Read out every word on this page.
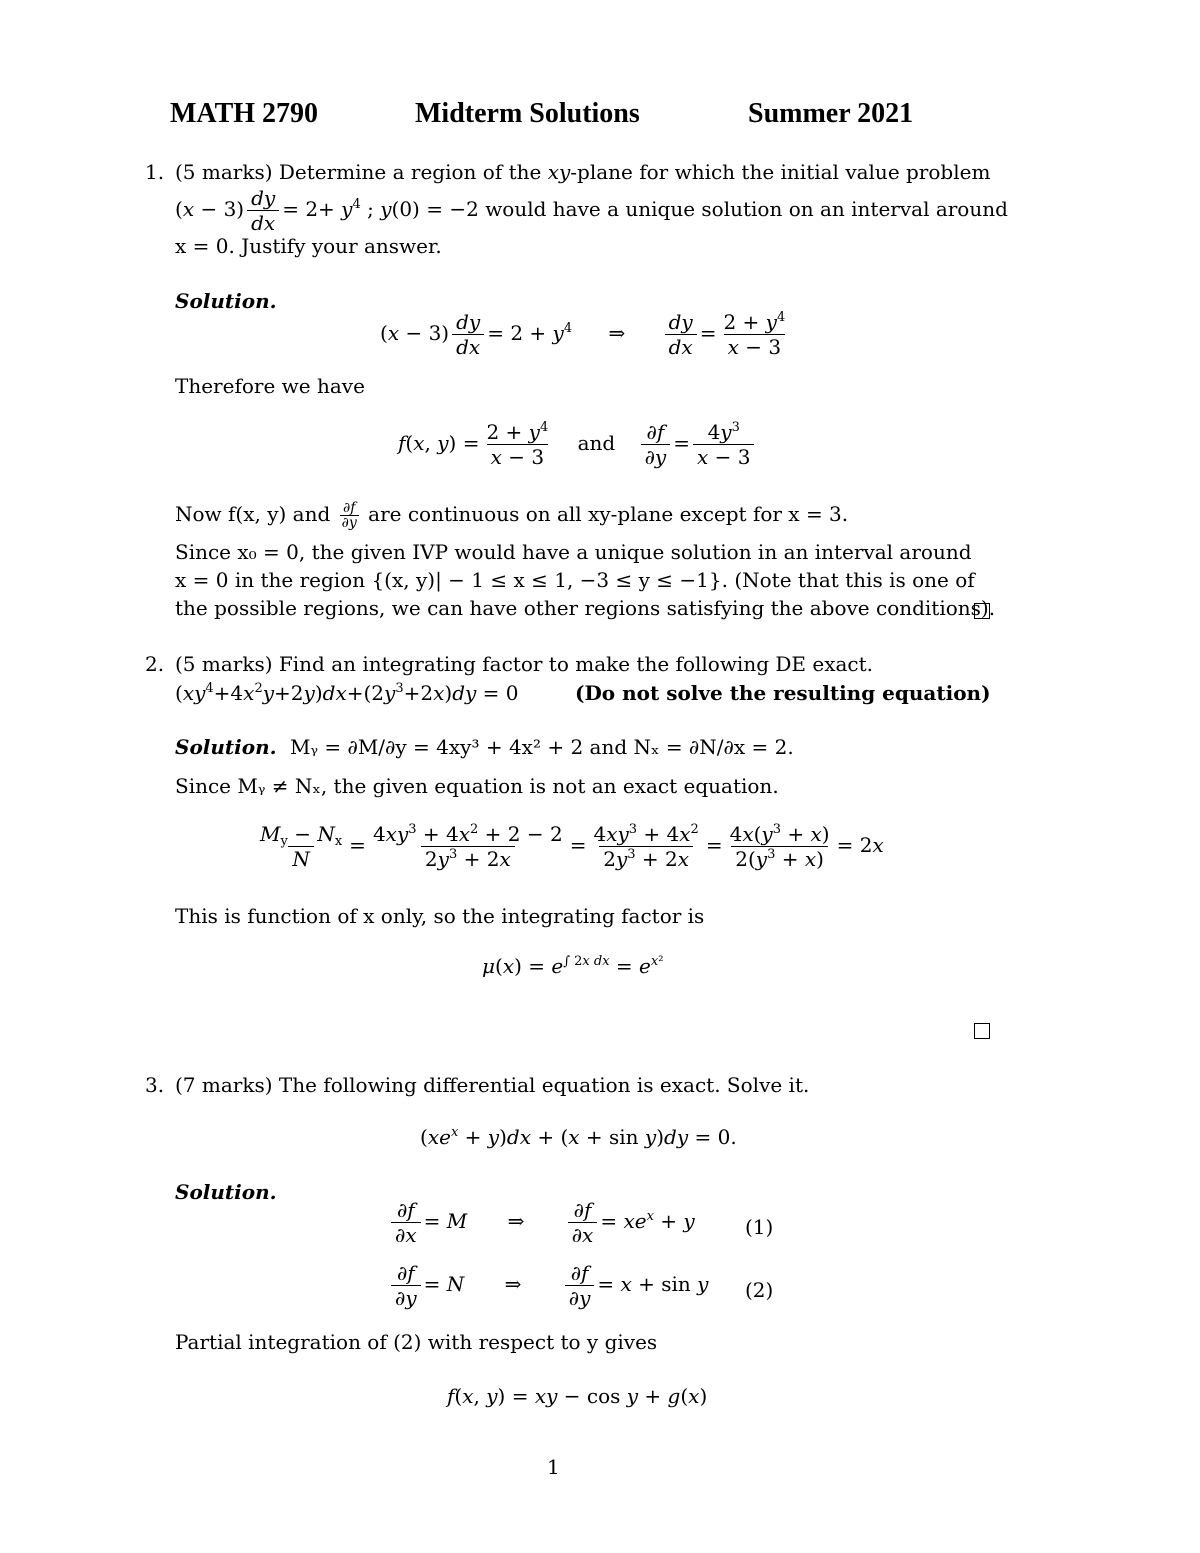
MATH 2790	Midterm Solutions	Summer 2021
1. (5 marks) Determine a region of the xy-plane for which the initial value problem
$(x - 3) \frac{dy}{dx} = 2+ y^4$ ; y(0) = −2 would have a unique solution on an interval around
x = 0. Justify your answer.
Solution.
$(x - 3) \frac{dy}{dx} = 2 + y^4$ ⇒ $\frac{dy}{dx} = \frac{2 + y^4}{x - 3}$
Therefore we have
f(x, $y) = \frac{2 + y^4}{x - 3}$ and $\frac{\partial f}{\partial y} = \frac{4y^3}{x - 3}$
Now f(x, y) and $\frac{\partial f}{\partial y}$ are continuous on all xy-plane except for x = 3.
Since x₀ = 0, the given IVP would have a unique solution in an interval around
x = 0 in the region {(x, y)| − 1 ≤ x ≤ 1, −3 ≤ y ≤ −1}. (Note that this is one of
the possible regions, we can have other regions satisfying the above conditions).
2. (5 marks) Find an integrating factor to make the following DE exact.
$(xy^4+4x^2y+2y)dx+(2y^3+2x)dy = 0$	(Do not solve the resulting equation)
Solution. Mᵧ = ∂M/∂y = 4xy³ + 4x² + 2 and Nₓ = ∂N/∂x = 2.
Since Mᵧ ≠ Nₓ, the given equation is not an exact equation.
$\frac{M_y - N_x}{N} = \frac{4xy^3 + 4x^2 + 2 - 2}{2y^3 + 2x} = \frac{4xy^3 + 4x^2}{2y^3 + 2x} = \frac{4x(y^3 + x)}{2(y^3 + x)} = 2x$
This is function of x only, so the integrating factor is
$\mu(x) = e^{\int 2x dx} = e^{x^2}$
3. (7 marks) The following differential equation is exact. Solve it.
$(xe^x + y)dx + (x + \sin y)dy = 0$.
Solution.
$\frac{\partial f}{\partial x} = M$ ⇒ $\frac{\partial f}{\partial x} = xe^x + y$	(1)
$\frac{\partial f}{\partial y} = N$ ⇒ $\frac{\partial f}{\partial y} = x + \sin y$ (2)
Partial integration of (2) with respect to y gives
f(x, y) = xy − cos y + g(x)
1
